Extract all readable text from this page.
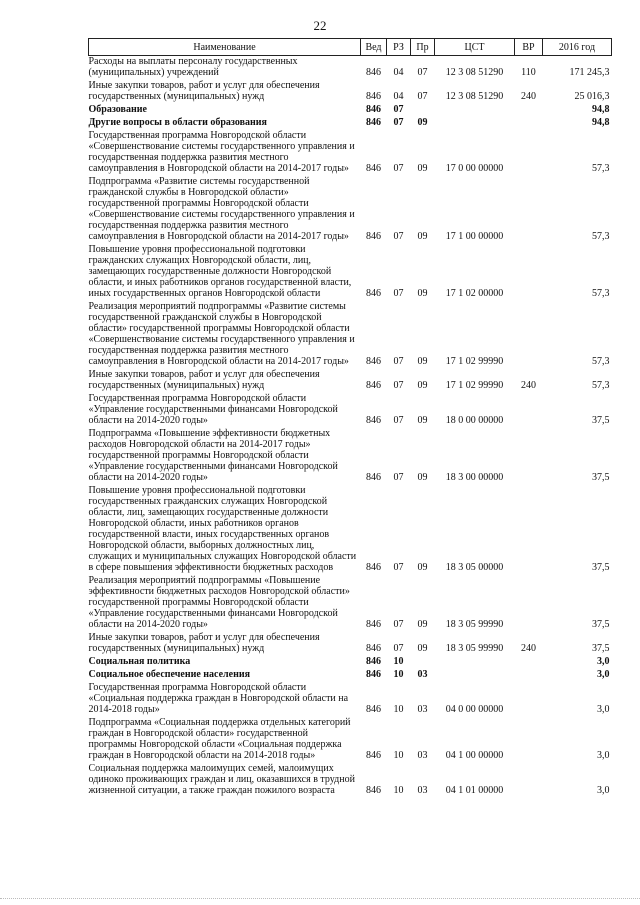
22
Наименование	Вед	РЗ	Пр	ЦСТ	ВР	2016 год
Расходы на выплаты персоналу государственных (муниципальных) учреждений	846	04	07	12 3 08 51290	110	171 245,3
Иные закупки товаров, работ и услуг для обеспечения государственных (муниципальных) нужд	846	04	07	12 3 08 51290	240	25 016,3
Образование	846	07				94,8
Другие вопросы в области образования	846	07	09			94,8
Государственная программа Новгородской области «Совершенствование системы государственного управления и государственная поддержка развития местного самоуправления в Новгородской области на 2014-2017 годы»	846	07	09	17 0 00 00000		57,3
Подпрограмма «Развитие системы государственной гражданской службы в Новгородской области» государственной программы Новгородской области «Совершенствование системы государственного управления и государственная поддержка развития местного самоуправления в Новгородской области на 2014-2017 годы»	846	07	09	17 1 00 00000		57,3
Повышение уровня профессиональной подготовки гражданских служащих Новгородской области, лиц, замещающих государственные должности Новгородской области, и иных работников органов государственной власти, иных государственных органов Новгородской области	846	07	09	17 1 02 00000		57,3
Реализация мероприятий подпрограммы «Развитие системы государственной гражданской службы в Новгородской области» государственной программы Новгородской области «Совершенствование системы государственного управления и государственная поддержка развития местного самоуправления в Новгородской области на 2014-2017 годы»	846	07	09	17 1 02 99990		57,3
Иные закупки товаров, работ и услуг для обеспечения государственных (муниципальных) нужд	846	07	09	17 1 02 99990	240	57,3
Государственная программа Новгородской области «Управление государственными финансами Новгородской области на 2014-2020 годы»	846	07	09	18 0 00 00000		37,5
Подпрограмма «Повышение эффективности бюджетных расходов Новгородской области на 2014-2017 годы» государственной программы Новгородской области «Управление государственными финансами Новгородской области на 2014-2020 годы»	846	07	09	18 3 00 00000		37,5
Повышение уровня профессиональной подготовки государственных гражданских служащих Новгородской области, лиц, замещающих государственные должности Новгородской области, иных работников органов государственной власти, иных государственных органов Новгородской области, выборных должностных лиц, служащих и муниципальных служащих Новгородской области в сфере повышения эффективности бюджетных расходов	846	07	09	18 3 05 00000		37,5
Реализация мероприятий подпрограммы «Повышение эффективности бюджетных расходов Новгородской области» государственной программы Новгородской области «Управление государственными финансами Новгородской области на 2014-2020 годы»	846	07	09	18 3 05 99990		37,5
Иные закупки товаров, работ и услуг для обеспечения государственных (муниципальных) нужд	846	07	09	18 3 05 99990	240	37,5
Социальная политика	846	10				3,0
Социальное обеспечение населения	846	10	03			3,0
Государственная программа Новгородской области «Социальная поддержка граждан в Новгородской области на 2014-2018 годы»	846	10	03	04 0 00 00000		3,0
Подпрограмма «Социальная поддержка отдельных категорий граждан в Новгородской области» государственной программы Новгородской области «Социальная поддержка граждан в Новгородской области на 2014-2018 годы»	846	10	03	04 1 00 00000		3,0
Социальная поддержка малоимущих семей, малоимущих одиноко проживающих граждан и лиц, оказавшихся в трудной жизненной ситуации, а также граждан пожилого возраста	846	10	03	04 1 01 00000		3,0
